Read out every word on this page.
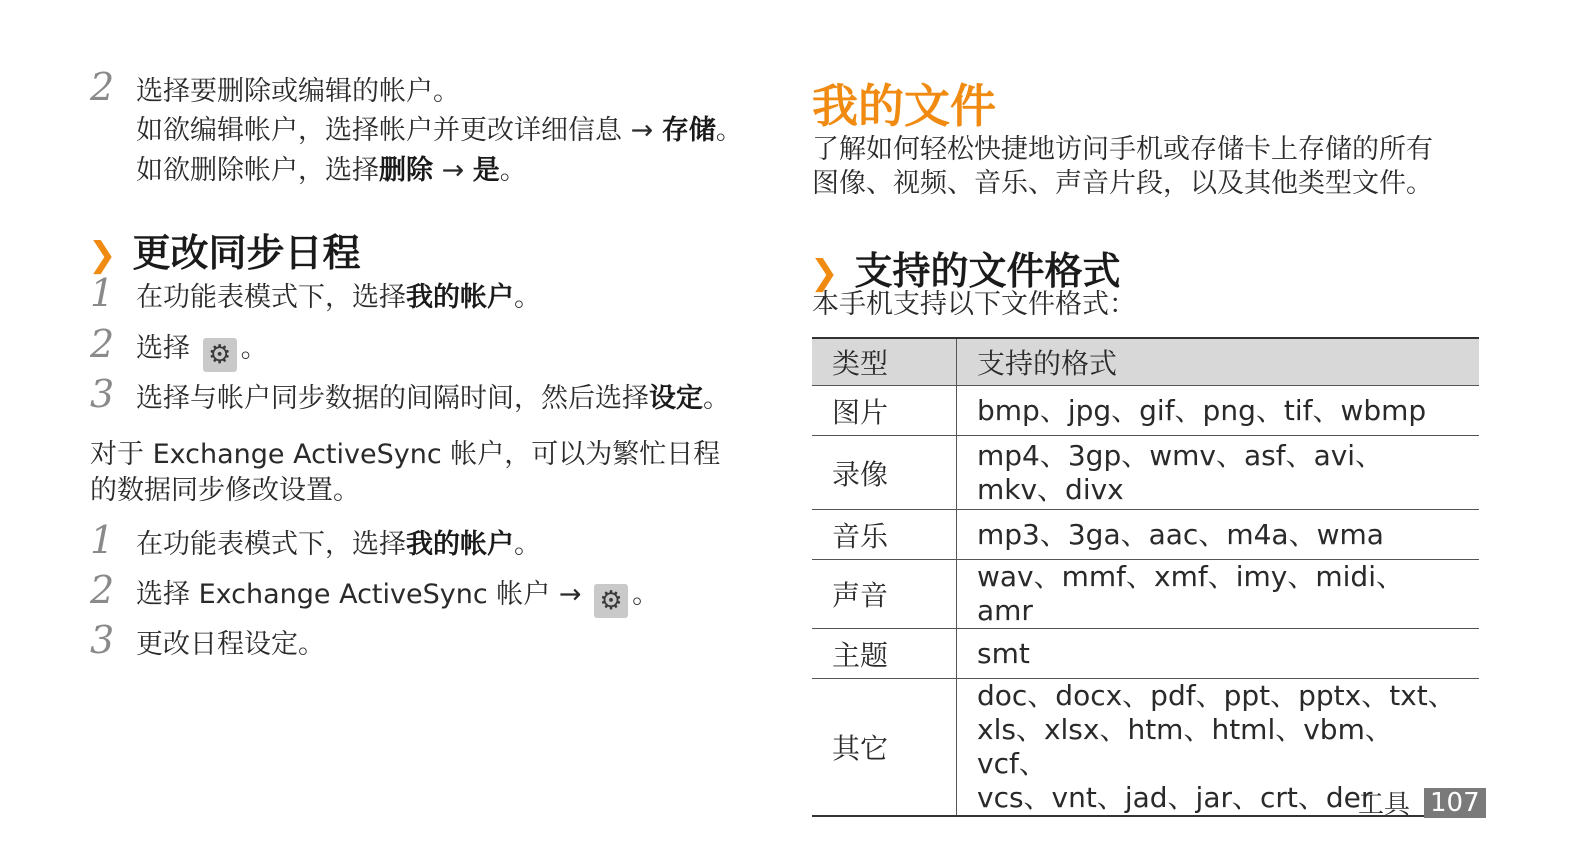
2 选择要删除或编辑的帐户。
如欲编辑帐户，选择帐户并更改详细信息 → 存储。
如欲删除帐户，选择删除 → 是。
❯ 更改同步日程
1 在功能表模式下，选择我的帐户。
2 选择 ⚙ 。
3 选择与帐户同步数据的间隔时间，然后选择设定。
对于 Exchange ActiveSync 帐户，可以为繁忙日程
的数据同步修改设置。
1 在功能表模式下，选择我的帐户。
2 选择 Exchange ActiveSync 帐户 → ⚙ 。
3 更改日程设定。
我的文件
了解如何轻松快捷地访问手机或存储卡上存储的所有
图像、视频、音乐、声音片段，以及其他类型文件。
❯ 支持的文件格式
本手机支持以下文件格式：
类型	支持的格式
图片	bmp、jpg、gif、png、tif、wbmp

录像	mp4、3gp、wmv、asf、avi、
mkv、divx

音乐	mp3、3ga、aac、m4a、wma

声音	wav、mmf、xmf、imy、midi、amr

主题	smt

其它	doc、docx、pdf、ppt、pptx、txt、
xls、xlsx、htm、html、vbm、vcf、
vcs、vnt、jad、jar、crt、der
工具 107
